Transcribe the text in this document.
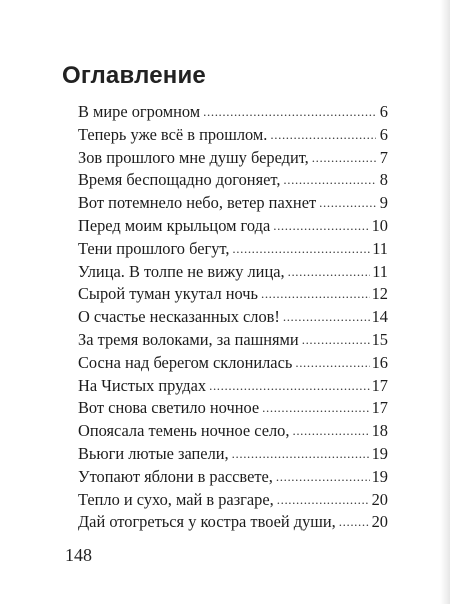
Оглавление
В мире огромном .....	6
Теперь уже всё в прошлом. .....	6
Зов прошлого мне душу бередит, .....	7
Время беспощадно догоняет, .....	8
Вот потемнело небо, ветер пахнет .....	9
Перед моим крыльцом года .....	10
Тени прошлого бегут, .....	11
Улица. В толпе не вижу лица, .....	11
Сырой туман укутал ночь .....	12
О счастье несказанных слов! .....	14
За тремя волоками, за пашнями .....	15
Сосна над берегом склонилась .....	16
На Чистых прудах .....	17
Вот снова светило ночное .....	17
Опоясала темень ночное село, .....	18
Вьюги лютые запели, .....	19
Утопают яблони в рассвете, .....	19
Тепло и сухо, май в разгаре, .....	20
Дай отогреться у костра твоей души, ..... 20
148
